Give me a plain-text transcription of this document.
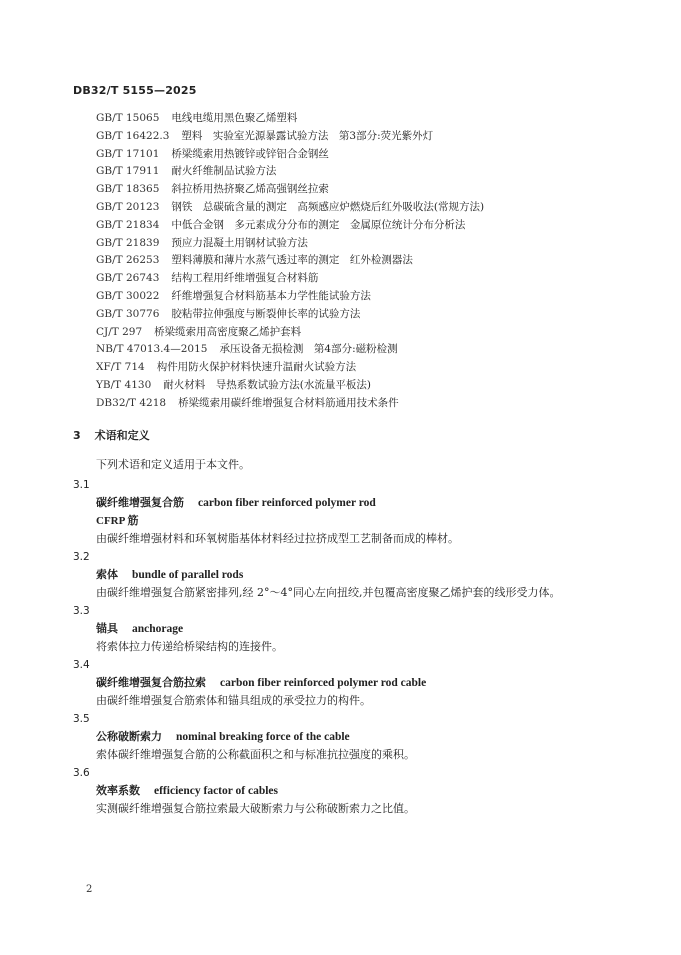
DB32/T 5155—2025
GB/T 15065 电线电缆用黑色聚乙烯塑料
GB/T 16422.3 塑料　实验室光源暴露试验方法　第3部分:荧光紫外灯
GB/T 17101 桥梁缆索用热镀锌或锌铝合金钢丝
GB/T 17911 耐火纤维制品试验方法
GB/T 18365 斜拉桥用热挤聚乙烯高强钢丝拉索
GB/T 20123 钢铁　总碳硫含量的测定　高频感应炉燃烧后红外吸收法(常规方法)
GB/T 21834 中低合金钢　多元素成分分布的测定　金属原位统计分布分析法
GB/T 21839 预应力混凝土用钢材试验方法
GB/T 26253 塑料薄膜和薄片水蒸气透过率的测定　红外检测器法
GB/T 26743 结构工程用纤维增强复合材料筋
GB/T 30022 纤维增强复合材料筋基本力学性能试验方法
GB/T 30776 胶粘带拉伸强度与断裂伸长率的试验方法
CJ/T 297 桥梁缆索用高密度聚乙烯护套料
NB/T 47013.4—2015 承压设备无损检测　第4部分:磁粉检测
XF/T 714 构件用防火保护材料快速升温耐火试验方法
YB/T 4130 耐火材料　导热系数试验方法(水流量平板法)
DB32/T 4218 桥梁缆索用碳纤维增强复合材料筋通用技术条件
3 术语和定义
下列术语和定义适用于本文件。
3.1
碳纤维增强复合筋 carbon fiber reinforced polymer rod
CFRP 筋
由碳纤维增强材料和环氧树脂基体材料经过拉挤成型工艺制备而成的棒材。
3.2
索体 bundle of parallel rods
由碳纤维增强复合筋紧密排列,经 2°～4°同心左向扭绞,并包覆高密度聚乙烯护套的线形受力体。
3.3
锚具 anchorage
将索体拉力传递给桥梁结构的连接件。
3.4
碳纤维增强复合筋拉索 carbon fiber reinforced polymer rod cable
由碳纤维增强复合筋索体和锚具组成的承受拉力的构件。
3.5
公称破断索力 nominal breaking force of the cable
索体碳纤维增强复合筋的公称截面积之和与标准抗拉强度的乘积。
3.6
效率系数 efficiency factor of cables
实测碳纤维增强复合筋拉索最大破断索力与公称破断索力之比值。
2
